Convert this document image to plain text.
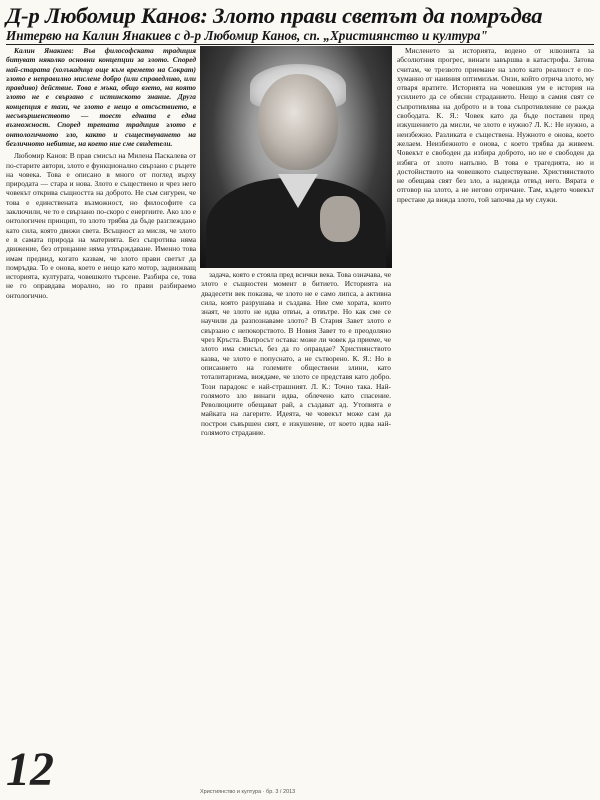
Д-р Любомир Канов: Злото прави светът да помръдва
Интервю на Калин Янакиев с д-р Любомир Канов, сп. „Християнство и култура"

Калин Янакиев: Във философската традиция битуват няколко основни концепции за злото. Според най-старата (холъкадица още към времето на Сократ) злото е неправилно мислене добро (или справедливо, или правдиво) действие. Това е мъка, общо взето, на която злото не е свързано с истинското знание. Друга концепция е тази, че злото е нещо в отсъствието, в несъвършенството — тоест едната е една възможност. Според третата традиция злото е онтологичното зло, както и съществуването на безличното небитие, на което ние сме свидетели.

Любомир Канов: В прав смисъл на Милена Паскалева от по-старите автори, злото е функционално свързано с ръцете на човека. Това е описано в много от поглед върху природата — стара и нова. Злото е съществено и чрез него човекът открива същността на доброто. Не съм сигурен, че това е единствената възможност, но философите са заключили, че то е свързано по-скоро с енергиите. Ако зло е онтологичен принцип, то злото трябва да бъде разглеждано като сила, която движи света. Всъщност аз мисля, че злото е в самата природа на материята. Без съпротива няма движение, без отрицание няма утвърждаване. Именно това имам предвид, когато казвам, че злото прави светът да помръдва. То е онова, което е нещо като мотор, задвижващ историята, културата, човешкото търсене. Разбира се, това не го оправдава морално, но го прави разбираемо онтологично.

задача, която е стояла пред всички века. Това означава, че злото е същностен момент в битието. Историята на двадесети век показва, че злото не е само липса, а активна сила, която разрушава и създава. Ние сме хората, които знаят, че злото не идва отвън, а отвътре. Но как сме се научили да разпознаваме злото? В Стария Завет злото е свързано с непокорството. В Новия Завет то е преодоляно чрез Кръста. Въпросът остава: може ли човек да приеме, че злото има смисъл, без да го оправдае? Християнството казва, че злото е попуснато, а не сътворено. К. Я.: Но в описанието на големите обществени злини, като тоталитаризма, виждаме, че злото се представя като добро. Този парадокс е най-страшният. Л. К.: Точно така. Най-голямото зло винаги идва, облечено като спасение. Революциите обещават рай, а създават ад. Утопията е майката на лагерите. Идеята, че човекът може сам да построи съвършен свят, е изкушение, от което идва най-голямото страдание.

Мисленето за историята, водено от илюзията за абсолютния прогрес, винаги завършва в катастрофа. Затова считам, че трезвото приемане на злото като реалност е по-хуманно от наивния оптимизъм. Онзи, който отрича злото, му отваря вратите. Историята на човешкия ум е история на усилието да се обясни страданието. Нещо в самия свят се съпротивлява на доброто и в това съпротивление се ражда свободата. К. Я.: Човек като да бъде поставен пред изкушението да мисли, че злото е нужно? Л. К.: Не нужно, а неизбежно. Разликата е съществена. Нужното е онова, което желаем. Неизбежното е онова, с което трябва да живеем. Човекът е свободен да избира доброто, но не е свободен да избяга от злото напълно. В това е трагедията, но и достойнството на човешкото съществуване. Християнството не обещава свят без зло, а надежда отвъд него. Вярата е отговор на злото, а не негово отричане. Там, където човекът престане да вижда злото, той започва да му служи.

12	Християнство и култура · бр. 3 / 2013
